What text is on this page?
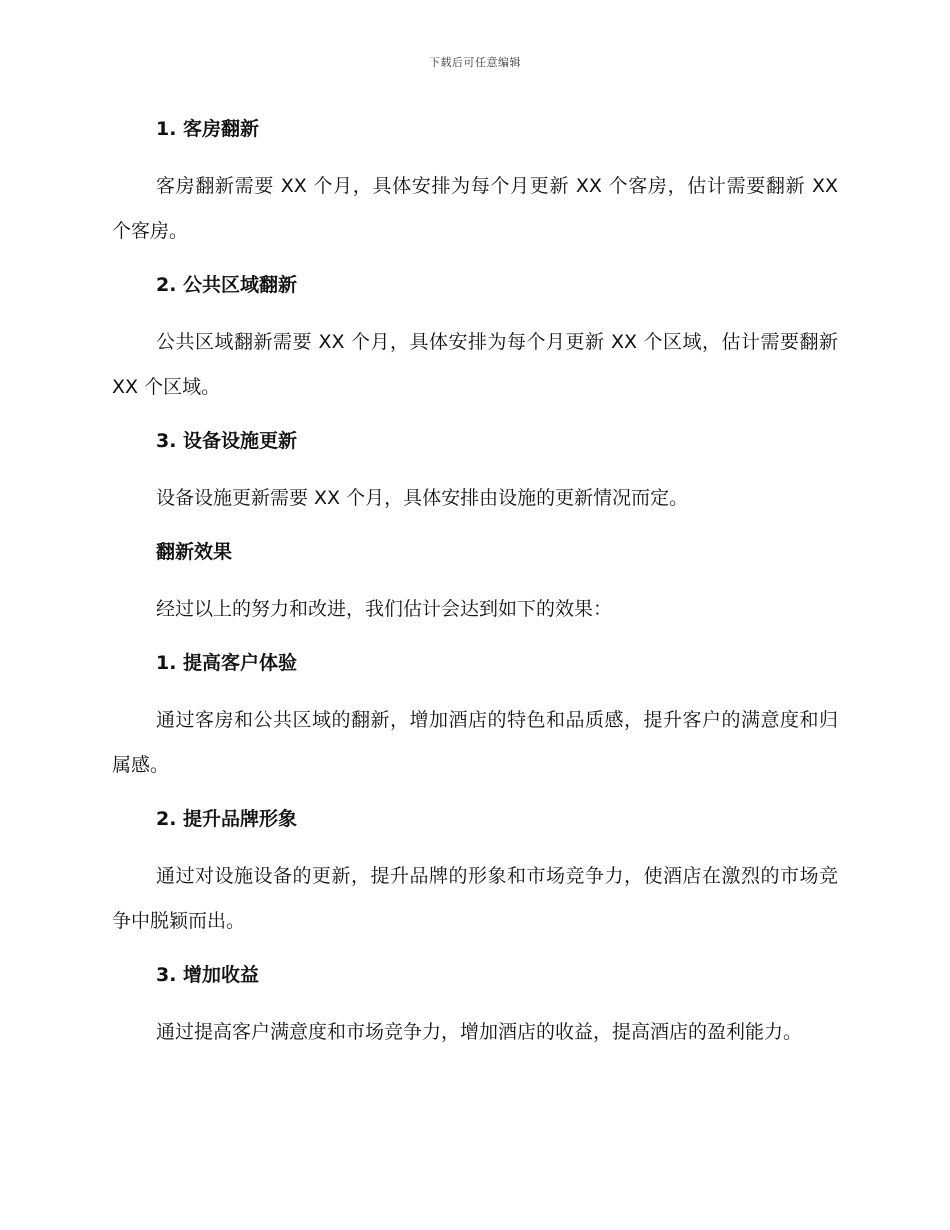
下载后可任意编辑
1. 客房翻新
客房翻新需要 XX 个月，具体安排为每个月更新 XX 个客房，估计需要翻新 XX 个客房。
2. 公共区域翻新
公共区域翻新需要 XX 个月，具体安排为每个月更新 XX 个区域，估计需要翻新 XX 个区域。
3. 设备设施更新
设备设施更新需要 XX 个月，具体安排由设施的更新情况而定。
翻新效果
经过以上的努力和改进，我们估计会达到如下的效果：
1. 提高客户体验
通过客房和公共区域的翻新，增加酒店的特色和品质感，提升客户的满意度和归属感。
2. 提升品牌形象
通过对设施设备的更新，提升品牌的形象和市场竞争力，使酒店在激烈的市场竞争中脱颖而出。
3. 增加收益
通过提高客户满意度和市场竞争力，增加酒店的收益，提高酒店的盈利能力。
